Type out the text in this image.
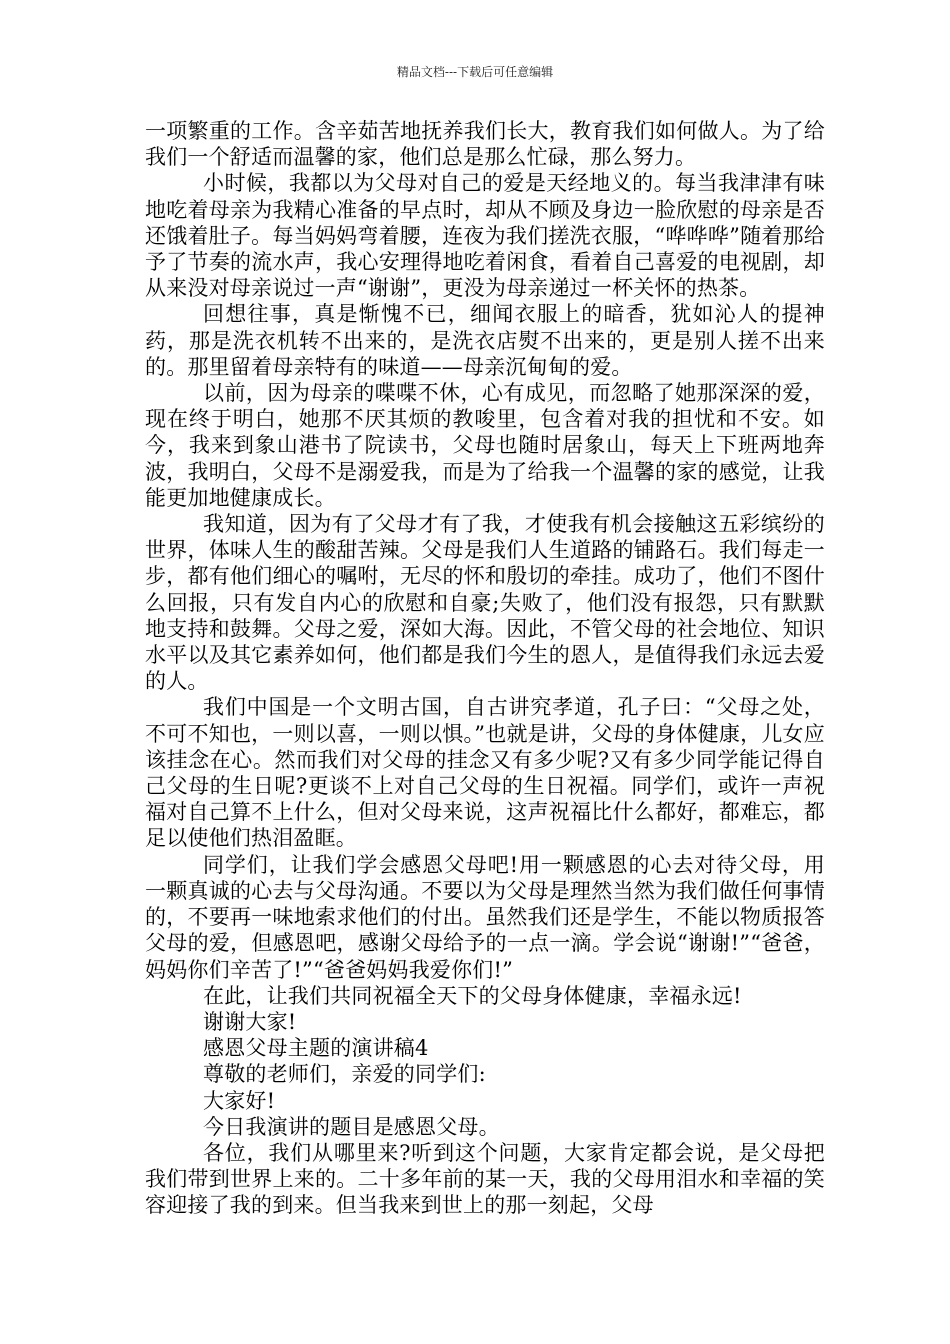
精品文档---下载后可任意编辑

一项繁重的工作。含辛茹苦地抚养我们长大，教育我们如何做人。为了给我们一个舒适而温馨的家，他们总是那么忙碌，那么努力。

小时候，我都以为父母对自己的爱是天经地义的。每当我津津有味地吃着母亲为我精心准备的早点时，却从不顾及身边一脸欣慰的母亲是否还饿着肚子。每当妈妈弯着腰，连夜为我们搓洗衣服，“哗哗哗”随着那给予了节奏的流水声，我心安理得地吃着闲食，看着自己喜爱的电视剧，却从来没对母亲说过一声“谢谢”，更没为母亲递过一杯关怀的热茶。

回想往事，真是惭愧不已，细闻衣服上的暗香，犹如沁人的提神药，那是洗衣机转不出来的，是洗衣店熨不出来的，更是别人搓不出来的。那里留着母亲特有的味道——母亲沉甸甸的爱。

以前，因为母亲的喋喋不休，心有成见，而忽略了她那深深的爱，现在终于明白，她那不厌其烦的教唆里，包含着对我的担忧和不安。如今，我来到象山港书了院读书，父母也随时居象山，每天上下班两地奔波，我明白，父母不是溺爱我，而是为了给我一个温馨的家的感觉，让我能更加地健康成长。

我知道，因为有了父母才有了我，才使我有机会接触这五彩缤纷的世界，体味人生的酸甜苦辣。父母是我们人生道路的铺路石。我们每走一步，都有他们细心的嘱咐，无尽的怀和殷切的牵挂。成功了，他们不图什么回报，只有发自内心的欣慰和自豪;失败了，他们没有报怨，只有默默地支持和鼓舞。父母之爱，深如大海。因此，不管父母的社会地位、知识水平以及其它素养如何，他们都是我们今生的恩人，是值得我们永远去爱的人。

我们中国是一个文明古国，自古讲究孝道，孔子曰：“父母之处，不可不知也，一则以喜，一则以惧。”也就是讲，父母的身体健康，儿女应该挂念在心。然而我们对父母的挂念又有多少呢?又有多少同学能记得自己父母的生日呢?更谈不上对自己父母的生日祝福。同学们，或许一声祝福对自己算不上什么，但对父母来说，这声祝福比什么都好，都难忘，都足以使他们热泪盈眶。

同学们，让我们学会感恩父母吧!用一颗感恩的心去对待父母，用一颗真诚的心去与父母沟通。不要以为父母是理然当然为我们做任何事情的，不要再一味地索求他们的付出。虽然我们还是学生，不能以物质报答父母的爱，但感恩吧，感谢父母给予的一点一滴。学会说“谢谢!”“爸爸，妈妈你们辛苦了!”“爸爸妈妈我爱你们!”

在此，让我们共同祝福全天下的父母身体健康，幸福永远!

谢谢大家!

感恩父母主题的演讲稿4

尊敬的老师们，亲爱的同学们:

大家好!

今日我演讲的题目是感恩父母。

各位，我们从哪里来?听到这个问题，大家肯定都会说，是父母把我们带到世界上来的。二十多年前的某一天，我的父母用泪水和幸福的笑容迎接了我的到来。但当我来到世上的那一刻起，父母
